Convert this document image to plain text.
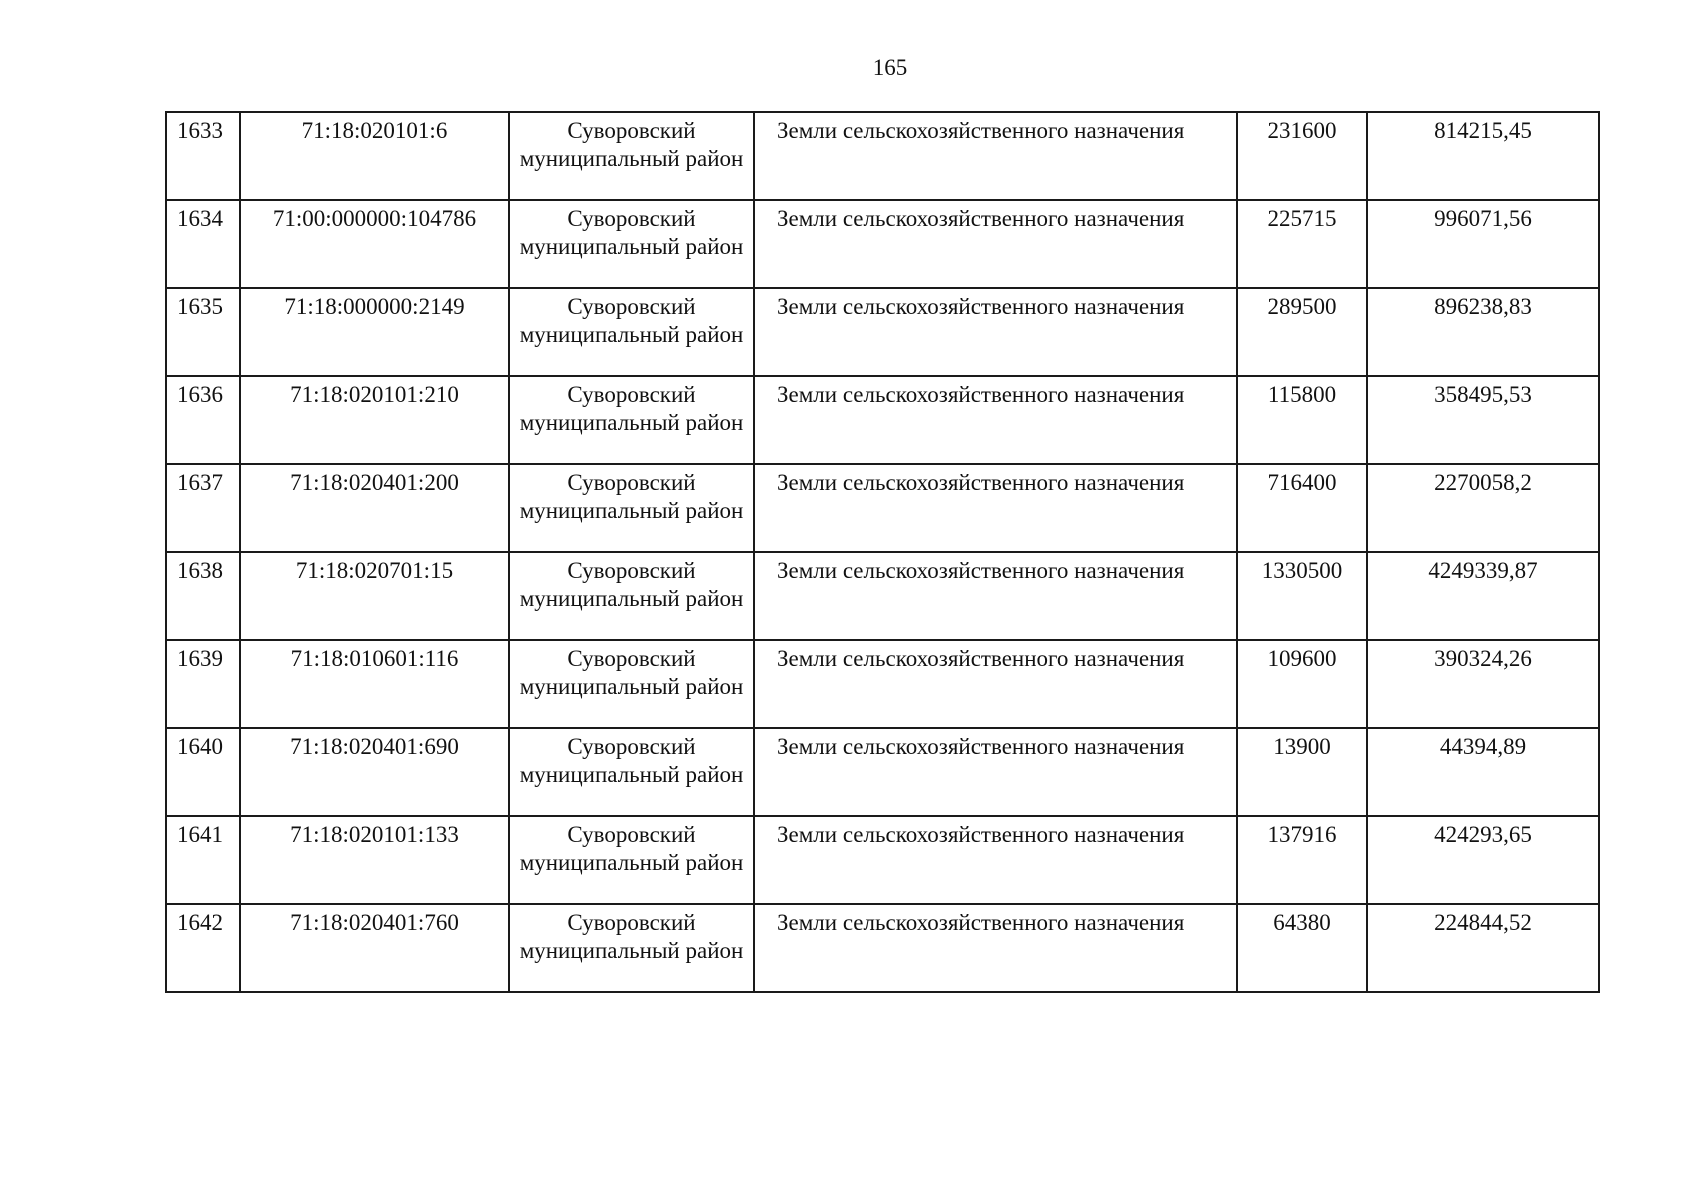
165
1633	71:18:020101:6	Суворовский муниципальный район	Земли сельскохозяйственного назначения	231600	814215,45
1634	71:00:000000:104786	Суворовский муниципальный район	Земли сельскохозяйственного назначения	225715	996071,56
1635	71:18:000000:2149	Суворовский муниципальный район	Земли сельскохозяйственного назначения	289500	896238,83
1636	71:18:020101:210	Суворовский муниципальный район	Земли сельскохозяйственного назначения	115800	358495,53
1637	71:18:020401:200	Суворовский муниципальный район	Земли сельскохозяйственного назначения	716400	2270058,2
1638	71:18:020701:15	Суворовский муниципальный район	Земли сельскохозяйственного назначения	1330500	4249339,87
1639	71:18:010601:116	Суворовский муниципальный район	Земли сельскохозяйственного назначения	109600	390324,26
1640	71:18:020401:690	Суворовский муниципальный район	Земли сельскохозяйственного назначения	13900	44394,89
1641	71:18:020101:133	Суворовский муниципальный район	Земли сельскохозяйственного назначения	137916	424293,65
1642	71:18:020401:760	Суворовский муниципальный район	Земли сельскохозяйственного назначения	64380	224844,52
